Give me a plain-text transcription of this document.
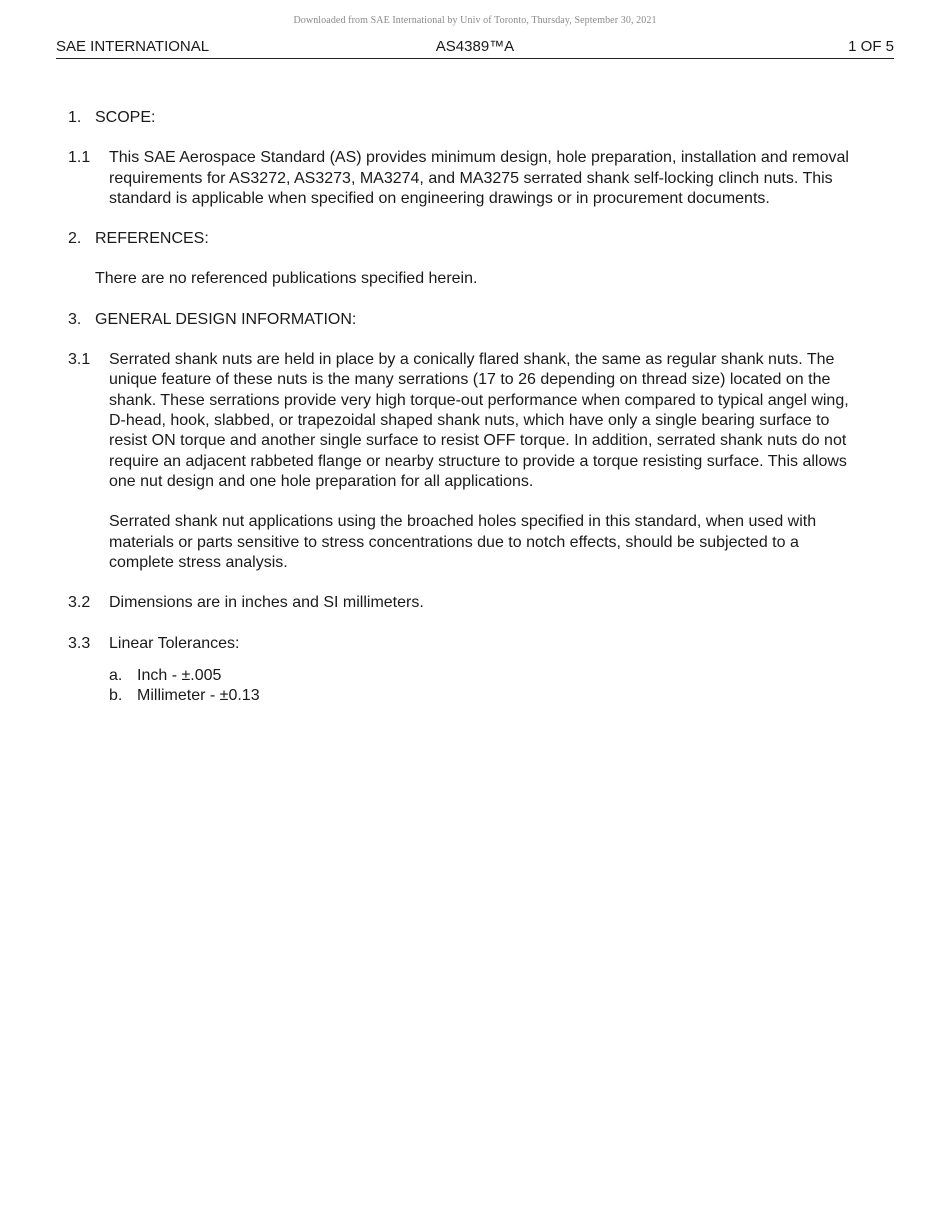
Downloaded from SAE International by Univ of Toronto, Thursday, September 30, 2021
AS4389™A
SAE INTERNATIONAL	1 OF 5
1. SCOPE:
1.1 This SAE Aerospace Standard (AS) provides minimum design, hole preparation, installation and removal requirements for AS3272, AS3273, MA3274, and MA3275 serrated shank self-locking clinch nuts. This standard is applicable when specified on engineering drawings or in procurement documents.

2. REFERENCES:
There are no referenced publications specified herein.
3. GENERAL DESIGN INFORMATION:
3.1 Serrated shank nuts are held in place by a conically flared shank, the same as regular shank nuts. The unique feature of these nuts is the many serrations (17 to 26 depending on thread size) located on the shank. These serrations provide very high torque-out performance when compared to typical angel wing, D-head, hook, slabbed, or trapezoidal shaped shank nuts, which have only a single bearing surface to resist ON torque and another single surface to resist OFF torque. In addition, serrated shank nuts do not require an adjacent rabbeted flange or nearby structure to provide a torque resisting surface. This allows one nut design and one hole preparation for all applications.

Serrated shank nut applications using the broached holes specified in this standard, when used with materials or parts sensitive to stress concentrations due to notch effects, should be subjected to a complete stress analysis.

3.2 Dimensions are in inches and SI millimeters.

3.3 Linear Tolerances:

a. Inch - ±.005
b. Millimeter - ±0.13
